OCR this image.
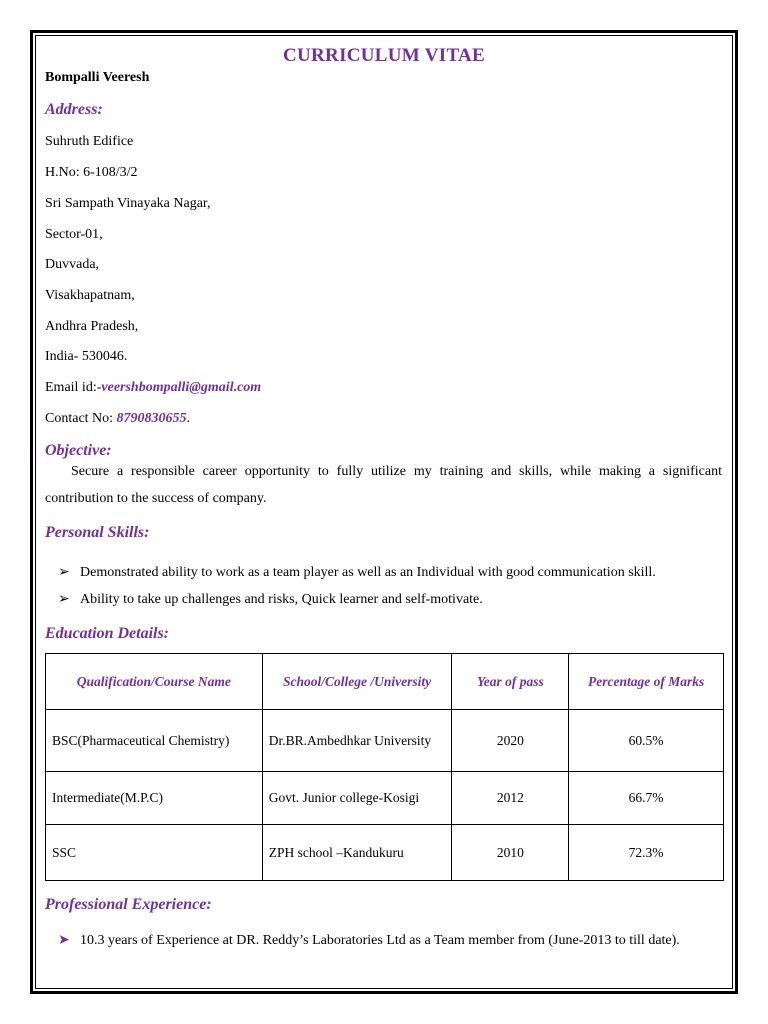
CURRICULUM VITAE
Bompalli Veeresh
Address:
Suhruth Edifice
H.No: 6-108/3/2
Sri Sampath Vinayaka Nagar,
Sector-01,
Duvvada,
Visakhapatnam,
Andhra Pradesh,
India- 530046.
Email id:-veershbompalli@gmail.com
Contact No: 8790830655.
Objective:
Secure a responsible career opportunity to fully utilize my training and skills, while making a significant contribution to the success of company.
Personal Skills:
➢ Demonstrated ability to work as a team player as well as an Individual with good communication skill.
➢ Ability to take up challenges and risks, Quick learner and self-motivate.
Education Details:
Qualification/Course Name	School/College /University	Year of pass	Percentage of Marks
BSC(Pharmaceutical Chemistry)	Dr.BR.Ambedhkar University	2020	60.5%
Intermediate(M.P.C)	Govt. Junior college-Kosigi	2012	66.7%
SSC	ZPH school –Kandukuru	2010	72.3%
Professional Experience:
➤ 10.3 years of Experience at DR. Reddy’s Laboratories Ltd as a Team member from (June-2013 to till date).
